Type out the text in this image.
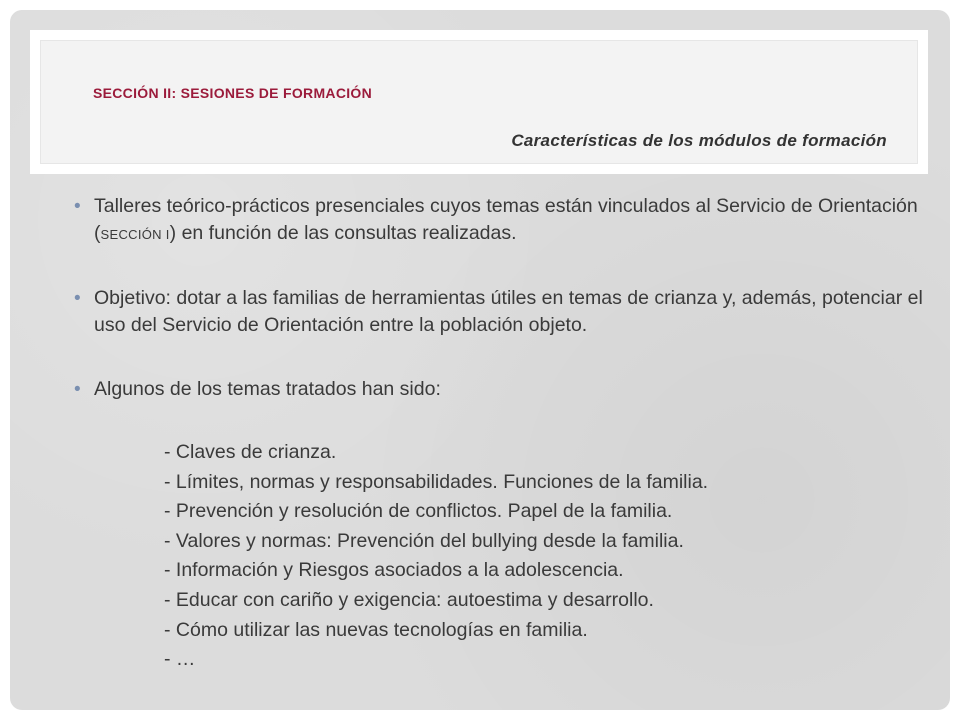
SECCIÓN II: SESIONES DE FORMACIÓN
Características de los módulos de formación
• Talleres teórico-prácticos presenciales cuyos temas están vinculados al Servicio de Orientación (SECCIÓN I) en función de las consultas realizadas.
• Objetivo: dotar a las familias de herramientas útiles en temas de crianza y, además, potenciar el uso del Servicio de Orientación entre la población objeto.
• Algunos de los temas tratados han sido:
- Claves de crianza.
- Límites, normas y responsabilidades. Funciones de la familia.
- Prevención y resolución de conflictos. Papel de la familia.
- Valores y normas: Prevención del bullying desde la familia.
- Información y Riesgos asociados a la adolescencia.
- Educar con cariño y exigencia: autoestima y desarrollo.
- Cómo utilizar las nuevas tecnologías en familia.
- …
